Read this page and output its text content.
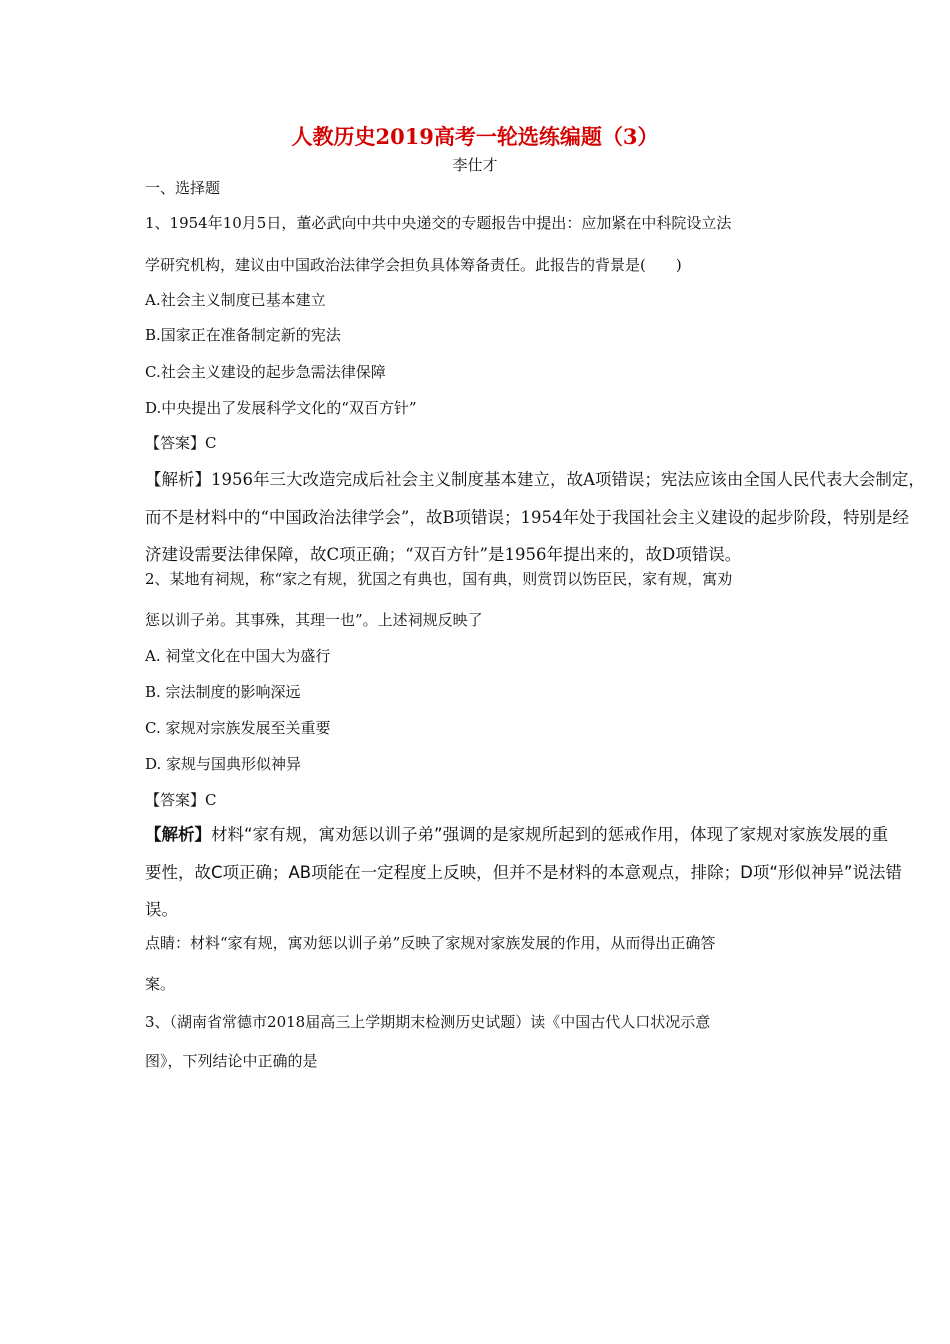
人教历史2019高考一轮选练编题（3）
李仕才
一、选择题
1、1954年10月5日，董必武向中共中央递交的专题报告中提出：应加紧在中科院设立法
学研究机构，建议由中国政治法律学会担负具体筹备责任。此报告的背景是(　　)
A.社会主义制度已基本建立
B.国家正在准备制定新的宪法
C.社会主义建设的起步急需法律保障
D.中央提出了发展科学文化的“双百方针”
【答案】C
【解析】1956年三大改造完成后社会主义制度基本建立，故A项错误；宪法应该由全国人民代表大会制定，
而不是材料中的“中国政治法律学会”，故B项错误；1954年处于我国社会主义建设的起步阶段，特别是经
济建设需要法律保障，故C项正确；“双百方针”是1956年提出来的，故D项错误。
2、某地有祠规，称“家之有规，犹国之有典也，国有典，则赏罚以饬臣民，家有规，寓劝
惩以训子弟。其事殊，其理一也”。上述祠规反映了
A. 祠堂文化在中国大为盛行
B. 宗法制度的影响深远
C. 家规对宗族发展至关重要
D. 家规与国典形似神异
【答案】C
【解析】材料“家有规，寓劝惩以训子弟”强调的是家规所起到的惩戒作用，体现了家规对家族发展的重
要性，故C项正确；AB项能在一定程度上反映，但并不是材料的本意观点，排除；D项“形似神异”说法错
误。
点睛：材料“家有规，寓劝惩以训子弟”反映了家规对家族发展的作用，从而得出正确答
案。
3、（湖南省常德市2018届高三上学期期末检测历史试题）读《中国古代人口状况示意
图》，下列结论中正确的是
